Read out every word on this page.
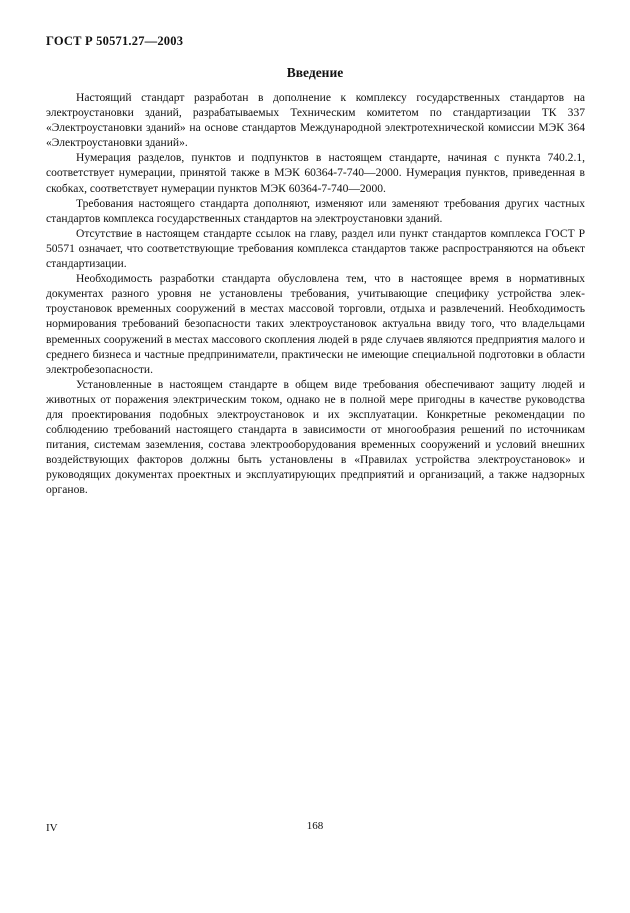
ГОСТ Р 50571.27—2003

Введение

Настоящий стандарт разработан в дополнение к комплексу государственных стандартов на электроустановки зданий, разрабатываемых Техническим комитетом по стандартизации ТК 337 «Электроустановки зданий» на основе стандартов Международной электротехнической комиссии МЭК 364 «Электроустановки зданий».

Нумерация разделов, пунктов и подпунктов в настоящем стандарте, начиная с пункта 740.2.1, соответствует нумерации, принятой также в МЭК 60364-7-740—2000. Нумерация пунктов, приведенная в скобках, соответствует нумерации пунктов МЭК 60364-7-740—2000.

Требования настоящего стандарта дополняют, изменяют или заменяют требования других частных стандартов комплекса государственных стандартов на электроустановки зданий.

Отсутствие в настоящем стандарте ссылок на главу, раздел или пункт стандартов комплекса ГОСТ Р 50571 означает, что соответствующие требования комплекса стандартов также распространяются на объект стандартизации.

Необходимость разработки стандарта обусловлена тем, что в настоящее время в нормативных документах разного уровня не установлены требования, учитывающие специфику устройства электроустановок временных сооружений в местах массовой торговли, отдыха и развлечений. Необходимость нормирования требований безопасности таких электроустановок актуальна ввиду того, что владельцами временных сооружений в местах массового скопления людей в ряде случаев являются предприятия малого и среднего бизнеса и частные предприниматели, практически не имеющие специальной подготовки в области электробезопасности.

Установленные в настоящем стандарте в общем виде требования обеспечивают защиту людей и животных от поражения электрическим током, однако не в полной мере пригодны в качестве руководства для проектирования подобных электроустановок и их эксплуатации. Конкретные рекомендации по соблюдению требований настоящего стандарта в зависимости от многообразия решений по источникам питания, системам заземления, состава электрооборудования временных сооружений и условий внешних воздействующих факторов должны быть установлены в «Правилах устройства электроустановок» и руководящих документах проектных и эксплуатирующих предприятий и организаций, а также надзорных органов.

IV	168
